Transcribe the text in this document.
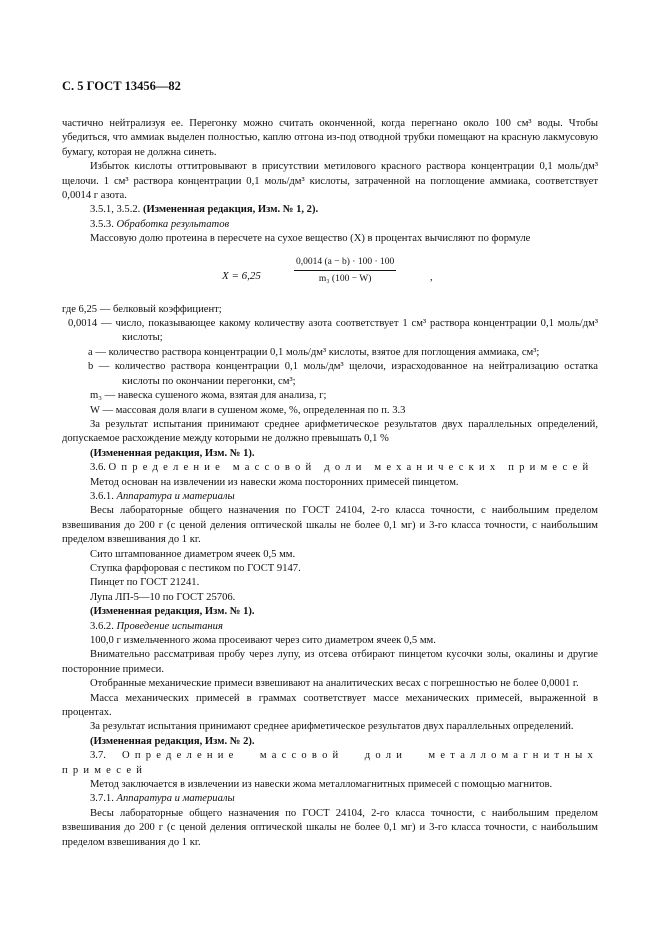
С. 5 ГОСТ 13456—82

частично нейтрализуя ее. Перегонку можно считать оконченной, когда перегнано около 100 см³ воды. Чтобы убедиться, что аммиак выделен полностью, каплю отгона из-под отводной трубки помещают на красную лакмусовую бумагу, которая не должна синеть.

Избыток кислоты оттитровывают в присутствии метилового красного раствора концентрации 0,1 моль/дм³ щелочи. 1 см³ раствора концентрации 0,1 моль/дм³ кислоты, затраченной на поглощение аммиака, соответствует 0,0014 г азота.

3.5.1, 3.5.2. (Измененная редакция, Изм. № 1, 2).

3.5.3. Обработка результатов

Массовую долю протеина в пересчете на сухое вещество (X) в процентах вычисляют по формуле

X = 6,25	$\frac{0,0014 (a - b) \cdot 100 \cdot 100}{\text{m₃ (100 − W)}}$	,

где 6,25 — белковый коэффициент;

0,0014 — число, показывающее какому количеству азота соответствует 1 см³ раствора концентрации 0,1 моль/дм³ кислоты;

a — количество раствора концентрации 0,1 моль/дм³ кислоты, взятое для поглощения аммиака, см³;

b — количество раствора концентрации 0,1 моль/дм³ щелочи, израсходованное на нейтрализацию остатка кислоты по окончании перегонки, см³;

m₃ — навеска сушеного жома, взятая для анализа, г;

W — массовая доля влаги в сушеном жоме, %, определенная по п. 3.3

За результат испытания принимают среднее арифметическое результатов двух параллельных определений, допускаемое расхождение между которыми не должно превышать 0,1 %

(Измененная редакция, Изм. № 1).

3.6. Определение массовой доли механических примесей

Метод основан на извлечении из навески жома посторонних примесей пинцетом.

3.6.1. Аппаратура и материалы

Весы лабораторные общего назначения по ГОСТ 24104, 2-го класса точности, с наибольшим пределом взвешивания до 200 г (с ценой деления оптической шкалы не более 0,1 мг) и 3-го класса точности, с наибольшим пределом взвешивания до 1 кг.

Сито штампованное диаметром ячеек 0,5 мм.

Ступка фарфоровая с пестиком по ГОСТ 9147.

Пинцет по ГОСТ 21241.

Лупа ЛП-5—10 по ГОСТ 25706.

(Измененная редакция, Изм. № 1).

3.6.2. Проведение испытания

100,0 г измельченного жома просеивают через сито диаметром ячеек 0,5 мм.

Внимательно рассматривая пробу через лупу, из отсева отбирают пинцетом кусочки золы, окалины и другие посторонние примеси.

Отобранные механические примеси взвешивают на аналитических весах с погрешностью не более 0,0001 г.

Масса механических примесей в граммах соответствует массе механических примесей, выраженной в процентах.

За результат испытания принимают среднее арифметическое результатов двух параллельных определений.

(Измененная редакция, Изм. № 2).

3.7. Определение массовой доли металломагнитных примесей

Метод заключается в извлечении из навески жома металломагнитных примесей с помощью магнитов.

3.7.1. Аппаратура и материалы

Весы лабораторные общего назначения по ГОСТ 24104, 2-го класса точности, с наибольшим пределом взвешивания до 200 г (с ценой деления оптической шкалы не более 0,1 мг) и 3-го класса точности, с наибольшим пределом взвешивания до 1 кг.
